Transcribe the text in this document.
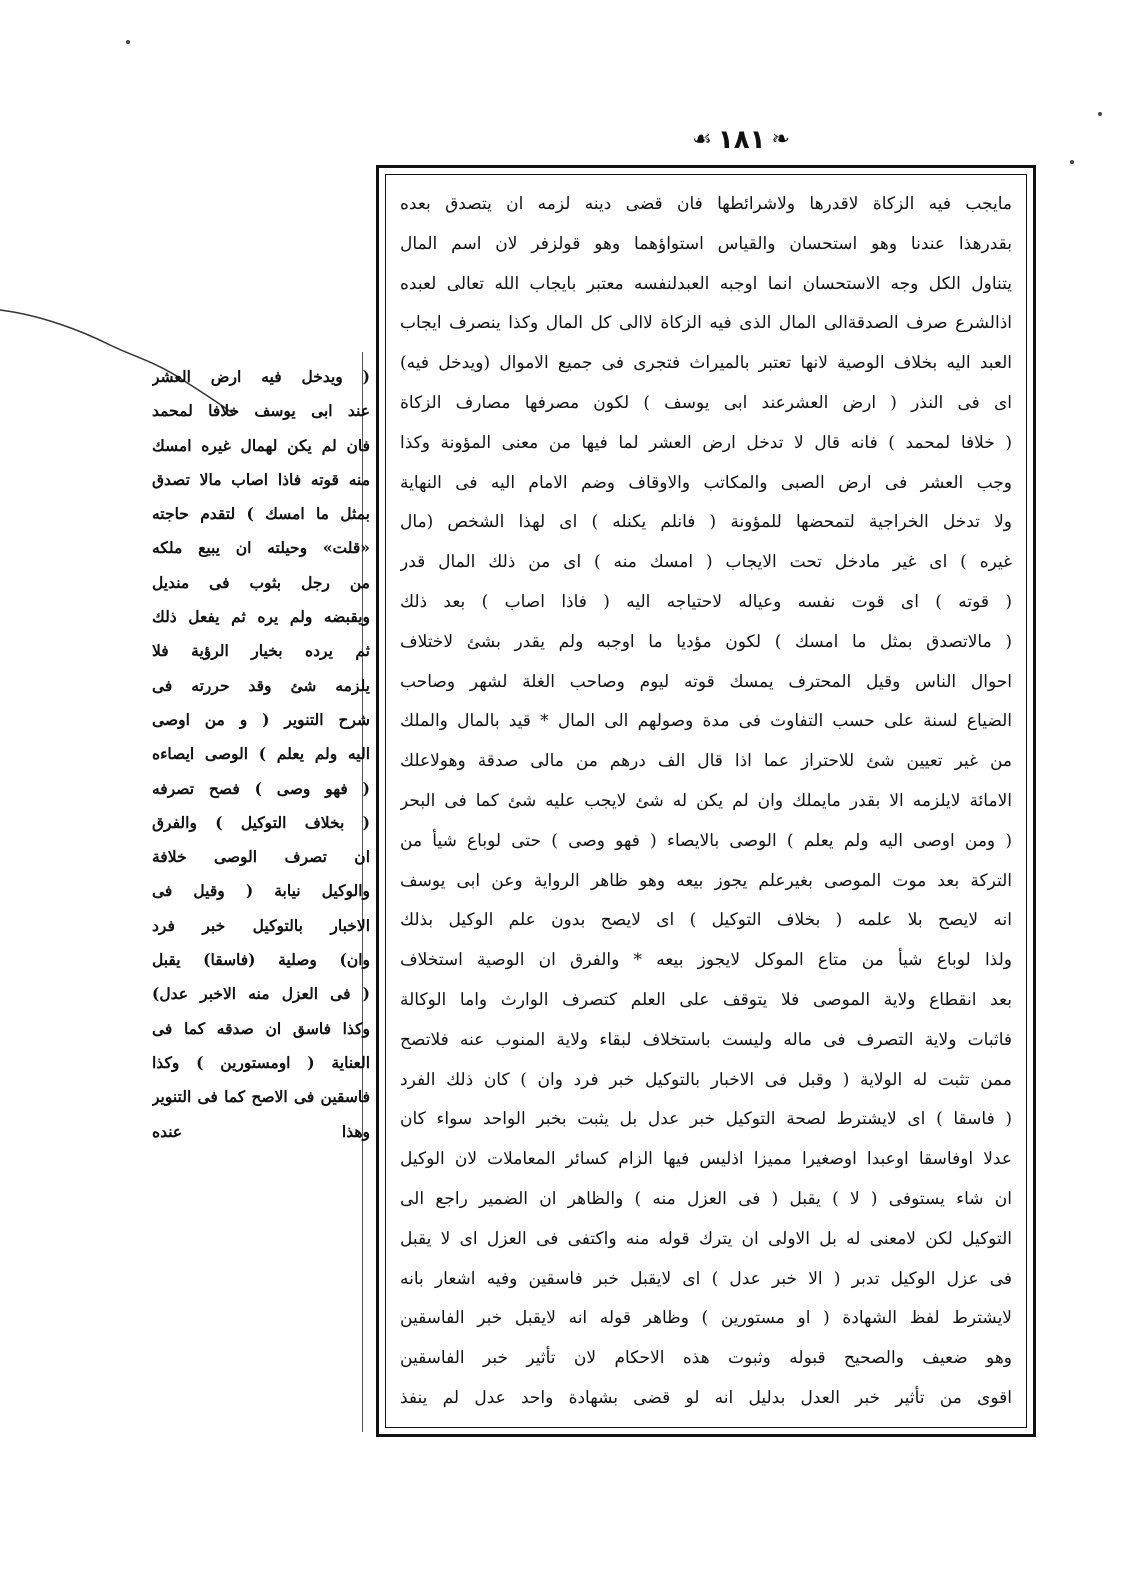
☙ ١٨١ ❧
( ويدخل فيه ارض العشر
عند ابى يوسف خلافا لمحمد
فان لم يكن لهمال غيره امسك
منه قوته فاذا اصاب مالا تصدق
بمثل ما امسك ) لتقدم حاجته
«قلت» وحيلته ان يبيع ملكه
من رجل بثوب فى منديل
ويقبضه ولم يره ثم يفعل ذلك
ثم يرده بخيار الرؤية فلا
يلزمه شئ وقد حررته فى
شرح التنوير ( و من اوصى
اليه ولم يعلم ) الوصى ايصاءه
( فهو وصى ) فصح تصرفه
( بخلاف التوكيل ) والفرق
ان تصرف الوصى خلافة
والوكيل نيابة ( وقيل فى
الاخبار بالتوكيل خبر فرد
وان) وصلية (فاسقا) يقبل
( فى العزل منه الاخبر عدل)
وكذا فاسق ان صدقه كما فى
العناية ( اومستورين ) وكذا
فاسقين فى الاصح كما فى التنوير
وهذا عنده
مايجب فيه الزكاة لاقدرها ولاشرائطها فان قضى دينه لزمه ان يتصدق بعده
بقدرهذا عندنا وهو استحسان والقياس استواؤهما وهو قولزفر لان اسم المال
يتناول الكل وجه الاستحسان انما اوجبه العبدلنفسه معتبر بايجاب الله تعالى لعبده
اذالشرع صرف الصدقةالى المال الذى فيه الزكاة لاالى كل المال وكذا ينصرف ايجاب
العبد اليه بخلاف الوصية لانها تعتبر بالميراث فتجرى فى جميع الاموال (ويدخل فيه)
اى فى النذر ( ارض العشرعند ابى يوسف ) لكون مصرفها مصارف الزكاة
( خلافا لمحمد ) فانه قال لا تدخل ارض العشر لما فيها من معنى المؤونة وكذا
وجب العشر فى ارض الصبى والمكاتب والاوقاف وضم الامام اليه فى النهاية
ولا تدخل الخراجية لتمحضها للمؤونة ( فانلم يكنله ) اى لهذا الشخص (مال
غيره ) اى غير مادخل تحت الايجاب ( امسك منه ) اى من ذلك المال قدر
( قوته ) اى قوت نفسه وعياله لاحتياجه اليه ( فاذا اصاب ) بعد ذلك
( مالاتصدق بمثل ما امسك ) لكون مؤديا ما اوجبه ولم يقدر بشئ لاختلاف
احوال الناس وقيل المحترف يمسك قوته ليوم وصاحب الغلة لشهر وصاحب
الضياع لسنة على حسب التفاوت فى مدة وصولهم الى المال * قيد بالمال والملك
من غير تعيين شئ للاحتراز عما اذا قال الف درهم من مالى صدقة وهولاعلك
الامائة لايلزمه الا بقدر مايملك وان لم يكن له شئ لايجب عليه شئ كما فى البحر
( ومن اوصى اليه ولم يعلم ) الوصى بالايصاء ( فهو وصى ) حتى لوباع شيأ من
التركة بعد موت الموصى بغيرعلم يجوز بيعه وهو ظاهر الرواية وعن ابى يوسف
انه لايصح بلا علمه ( بخلاف التوكيل ) اى لايصح بدون علم الوكيل بذلك
ولذا لوباع شيأ من متاع الموكل لايجوز بيعه * والفرق ان الوصية استخلاف
بعد انقطاع ولاية الموصى فلا يتوقف على العلم كتصرف الوارث واما الوكالة
فاثبات ولاية التصرف فى ماله وليست باستخلاف لبقاء ولاية المنوب عنه فلاتصح
ممن تثبت له الولاية ( وقبل فى الاخبار بالتوكيل خبر فرد وان ) كان ذلك الفرد
( فاسقا ) اى لايشترط لصحة التوكيل خبر عدل بل يثبت بخبر الواحد سواء كان
عدلا اوفاسقا اوعبدا اوصغيرا مميزا اذليس فيها الزام كسائر المعاملات لان الوكيل
ان شاء يستوفى ( لا ) يقبل ( فى العزل منه ) والظاهر ان الضمير راجع الى
التوكيل لكن لامعنى له بل الاولى ان يترك قوله منه واكتفى فى العزل اى لا يقبل
فى عزل الوكيل تدبر ( الا خبر عدل ) اى لايقبل خبر فاسقين وفيه اشعار بانه
لايشترط لفظ الشهادة ( او مستورين ) وظاهر قوله انه لايقبل خبر الفاسقين
وهو ضعيف والصحيح قبوله وثبوت هذه الاحكام لان تأثير خبر الفاسقين
اقوى من تأثير خبر العدل بدليل انه لو قضى بشهادة واحد عدل لم ينفذ
